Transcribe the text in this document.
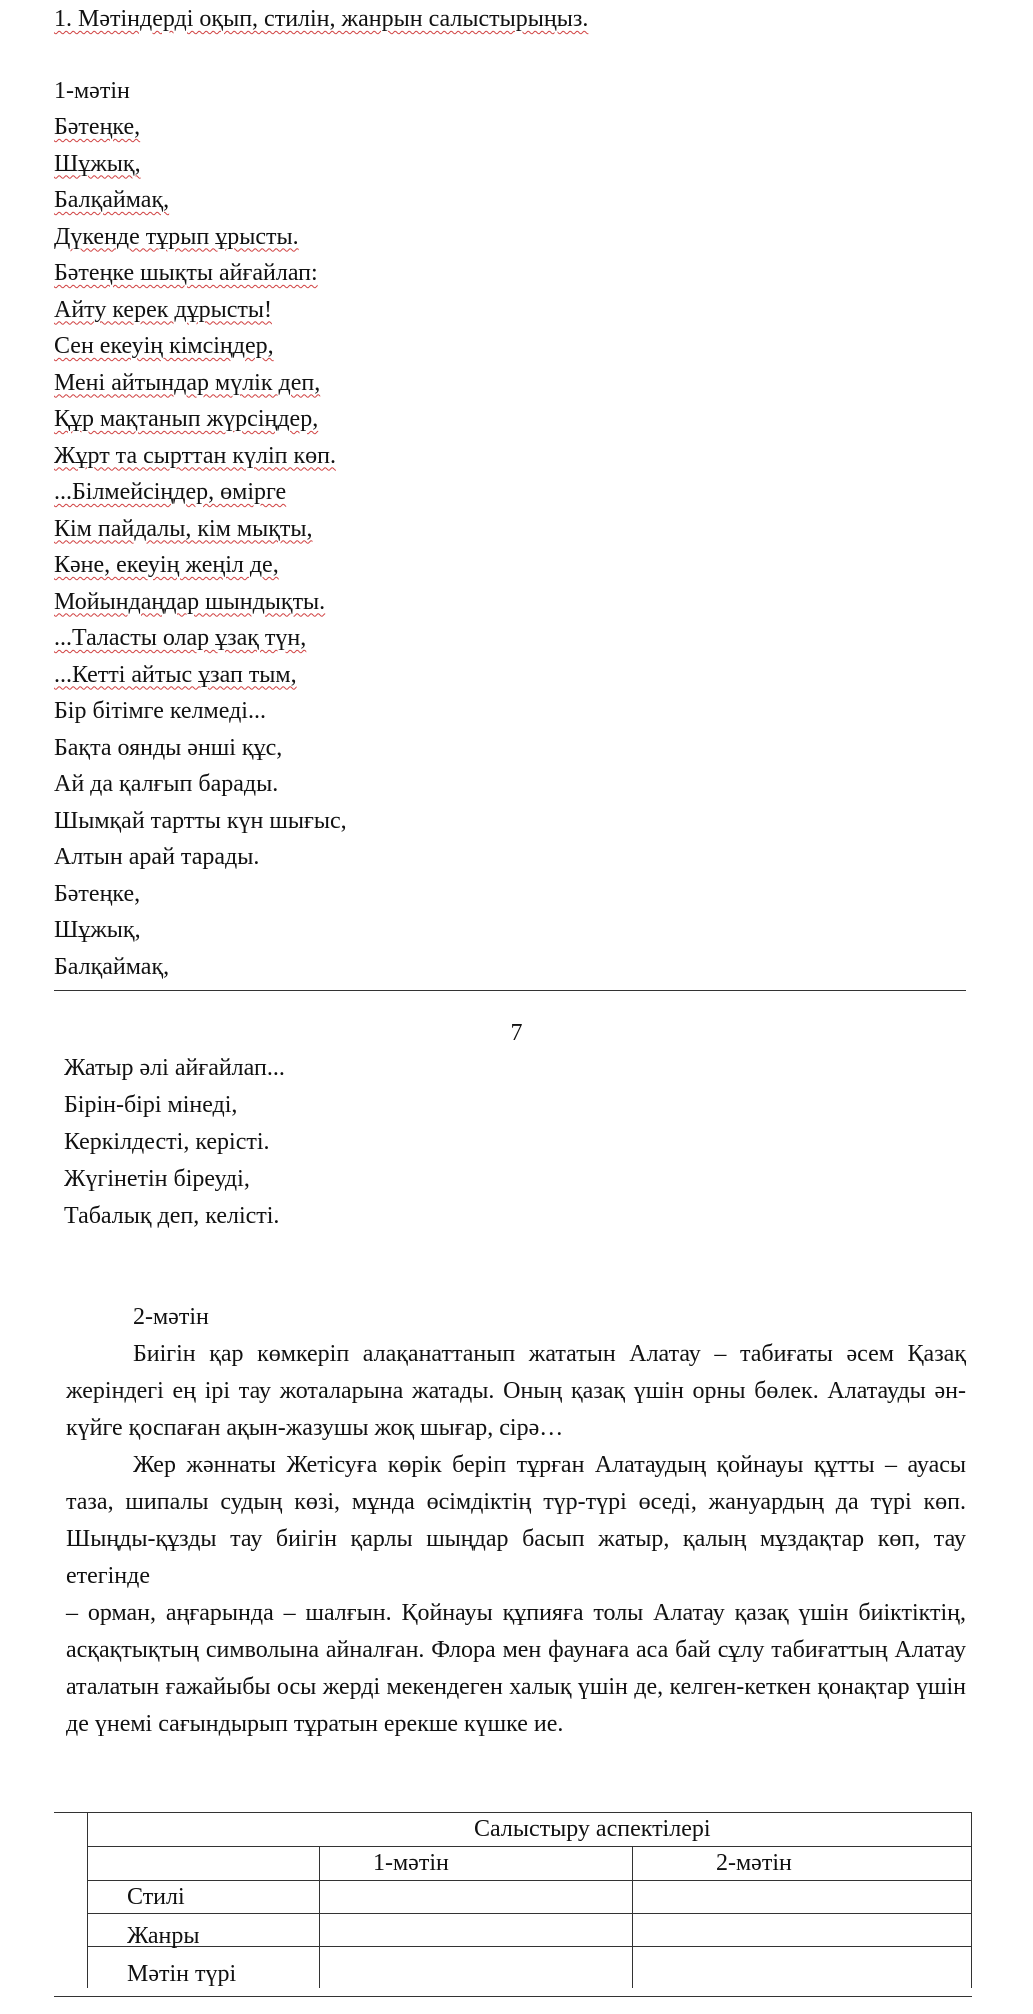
1. Мәтіндерді оқып, стилін, жанрын салыстырыңыз.
1-мәтін
Бәтеңке,
Шұжық,
Балқаймақ,
Дүкенде тұрып ұрысты.
Бәтеңке шықты айғайлап:
Айту керек дұрысты!
Сен екеуің кімсіңдер,
Мені айтындар мүлік деп,
Құр мақтанып жүрсіңдер,
Жұрт та сырттан күліп көп.
...Білмейсіңдер, өмірге
Кім пайдалы, кім мықты,
Кәне, екеуің жеңіл де,
Мойындаңдар шындықты.
...Таласты олар ұзақ түн,
...Кетті айтыс ұзап тым,
Бір бітімге келмеді...
Бақта оянды әнші құс,
Ай да қалғып барады.
Шымқай тартты күн шығыс,
Алтын арай тарады.
Бәтеңке,
Шұжық,
Балқаймақ,
7
Жатыр әлі айғайлап...
Бірін-бірі мінеді,
Керкілдесті, керісті.
Жүгінетін біреуді,
Табалық деп, келісті.
2-мәтін
Биігін қар көмкеріп алақанаттанып жататын Алатау – табиғаты әсем Қазақ жеріндегі ең ірі тау жоталарына жатады. Оның қазақ үшін орны бөлек. Алатауды ән-күйге қоспаған ақын-жазушы жоқ шығар, сірә…
Жер жәннаты Жетісуға көрік беріп тұрған Алатаудың қойнауы құтты – ауасы таза, шипалы судың көзі, мұнда өсімдіктің түр-түрі өседі, жануардың да түрі көп. Шыңды-құзды тау биігін қарлы шыңдар басып жатыр, қалың мұздақтар көп, тау етегінде
– орман, аңғарында – шалғын. Қойнауы құпияға толы Алатау қазақ үшін биіктіктің, асқақтықтың символына айналған. Флора мен фаунаға аса бай сұлу табиғаттың Алатау аталатын ғажайыбы осы жерді мекендеген халық үшін де, келген-кеткен қонақтар үшін де үнемі сағындырып тұратын ерекше күшке ие.
Салыстыру аспектілері
1-мәтін	2-мәтін
Стилі
Жанры
Мәтін түрі
